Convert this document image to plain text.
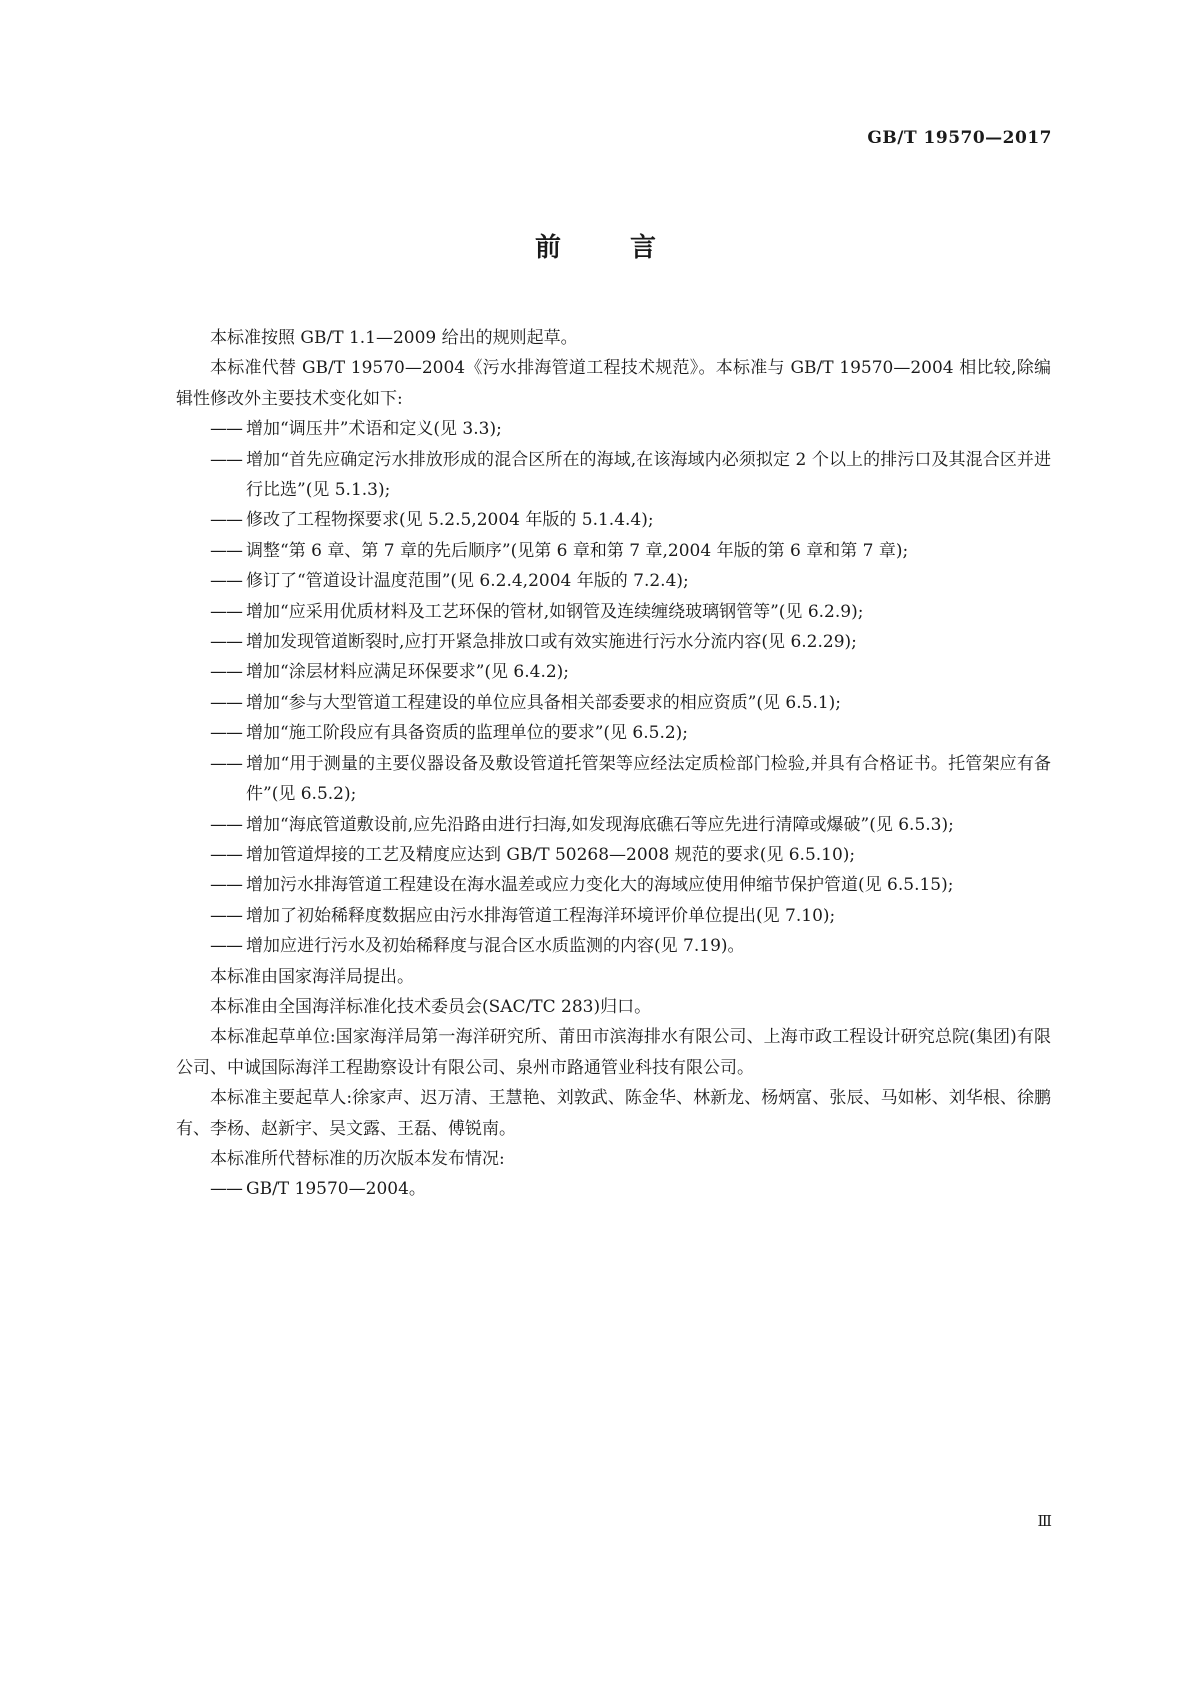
GB/T 19570—2017
前 言

本标准按照 GB/T 1.1—2009 给出的规则起草。

本标准代替 GB/T 19570—2004《污水排海管道工程技术规范》。本标准与 GB/T 19570—2004 相比较,除编辑性修改外主要技术变化如下:

—— 增加“调压井”术语和定义(见 3.3);

—— 增加“首先应确定污水排放形成的混合区所在的海域,在该海域内必须拟定 2 个以上的排污口及其混合区并进行比选”(见 5.1.3);

—— 修改了工程物探要求(见 5.2.5,2004 年版的 5.1.4.4);

—— 调整“第 6 章、第 7 章的先后顺序”(见第 6 章和第 7 章,2004 年版的第 6 章和第 7 章);

—— 修订了“管道设计温度范围”(见 6.2.4,2004 年版的 7.2.4);

—— 增加“应采用优质材料及工艺环保的管材,如钢管及连续缠绕玻璃钢管等”(见 6.2.9);

—— 增加发现管道断裂时,应打开紧急排放口或有效实施进行污水分流内容(见 6.2.29);

—— 增加“涂层材料应满足环保要求”(见 6.4.2);

—— 增加“参与大型管道工程建设的单位应具备相关部委要求的相应资质”(见 6.5.1);

—— 增加“施工阶段应有具备资质的监理单位的要求”(见 6.5.2);

—— 增加“用于测量的主要仪器设备及敷设管道托管架等应经法定质检部门检验,并具有合格证书。托管架应有备件”(见 6.5.2);

—— 增加“海底管道敷设前,应先沿路由进行扫海,如发现海底礁石等应先进行清障或爆破”(见 6.5.3);

—— 增加管道焊接的工艺及精度应达到 GB/T 50268—2008 规范的要求(见 6.5.10);

—— 增加污水排海管道工程建设在海水温差或应力变化大的海域应使用伸缩节保护管道(见 6.5.15);

—— 增加了初始稀释度数据应由污水排海管道工程海洋环境评价单位提出(见 7.10);

—— 增加应进行污水及初始稀释度与混合区水质监测的内容(见 7.19)。

本标准由国家海洋局提出。

本标准由全国海洋标准化技术委员会(SAC/TC 283)归口。

本标准起草单位:国家海洋局第一海洋研究所、莆田市滨海排水有限公司、上海市政工程设计研究总院(集团)有限公司、中诚国际海洋工程勘察设计有限公司、泉州市路通管业科技有限公司。

本标准主要起草人:徐家声、迟万清、王慧艳、刘敦武、陈金华、林新龙、杨炳富、张辰、马如彬、刘华根、徐鹏有、李杨、赵新宇、吴文露、王磊、傅锐南。

本标准所代替标准的历次版本发布情况:

—— GB/T 19570—2004。

Ⅲ
